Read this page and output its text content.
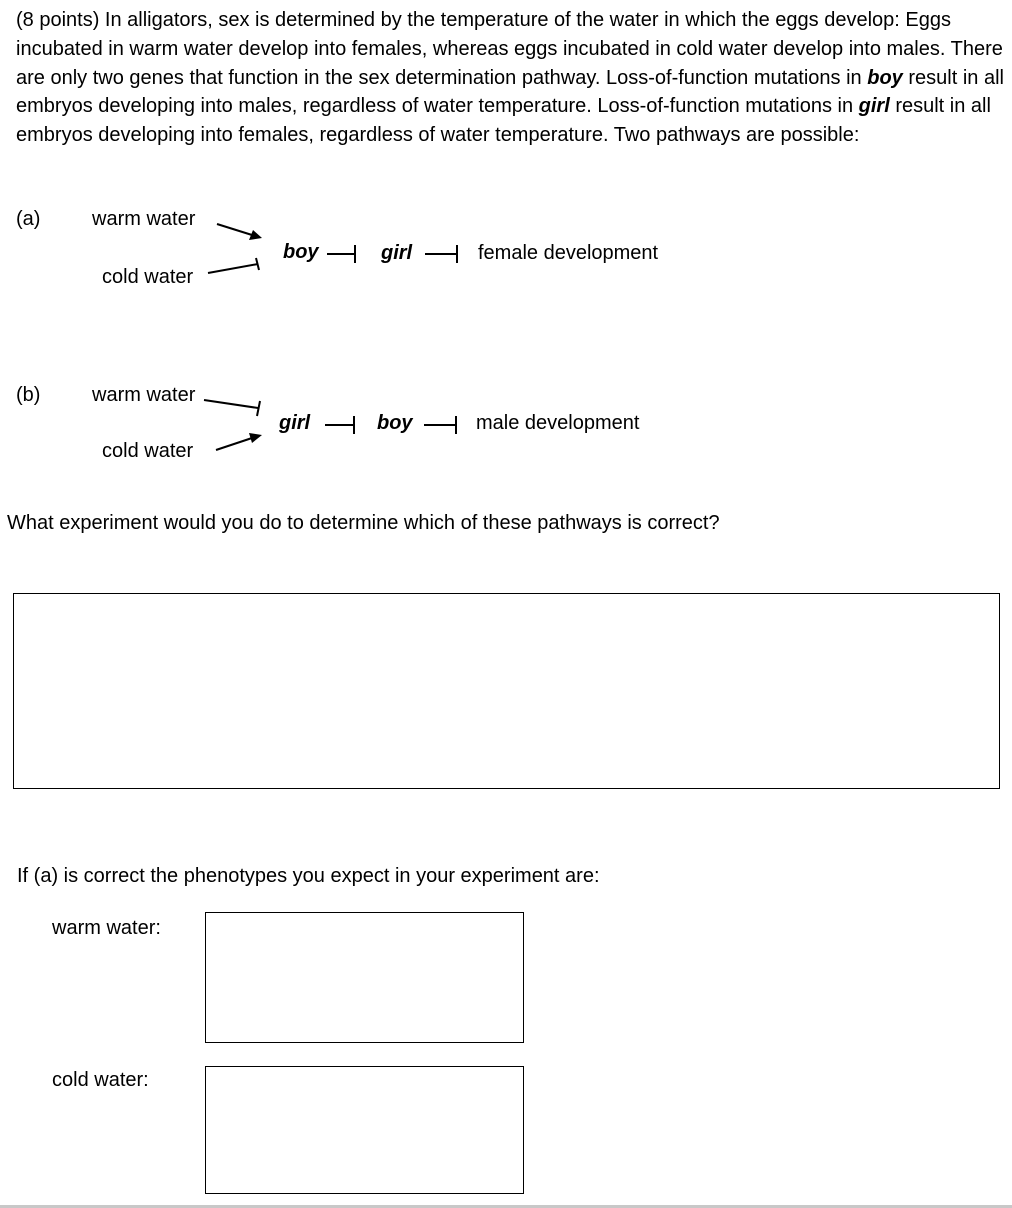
(8 points) In alligators, sex is determined by the temperature of the water in which the eggs develop: Eggs incubated in warm water develop into females, whereas eggs incubated in cold water develop into males. There are only two genes that function in the sex determination pathway. Loss-of-function mutations in boy result in all embryos developing into males, regardless of water temperature. Loss-of-function mutations in girl result in all embryos developing into females, regardless of water temperature. Two pathways are possible:

(a)	warm water
cold water
boy	girl	female development
(b)	warm water
cold water
girl	boy	male development
What experiment would you do to determine which of these pathways is correct?
If (a) is correct the phenotypes you expect in your experiment are:
warm water:
cold water:
